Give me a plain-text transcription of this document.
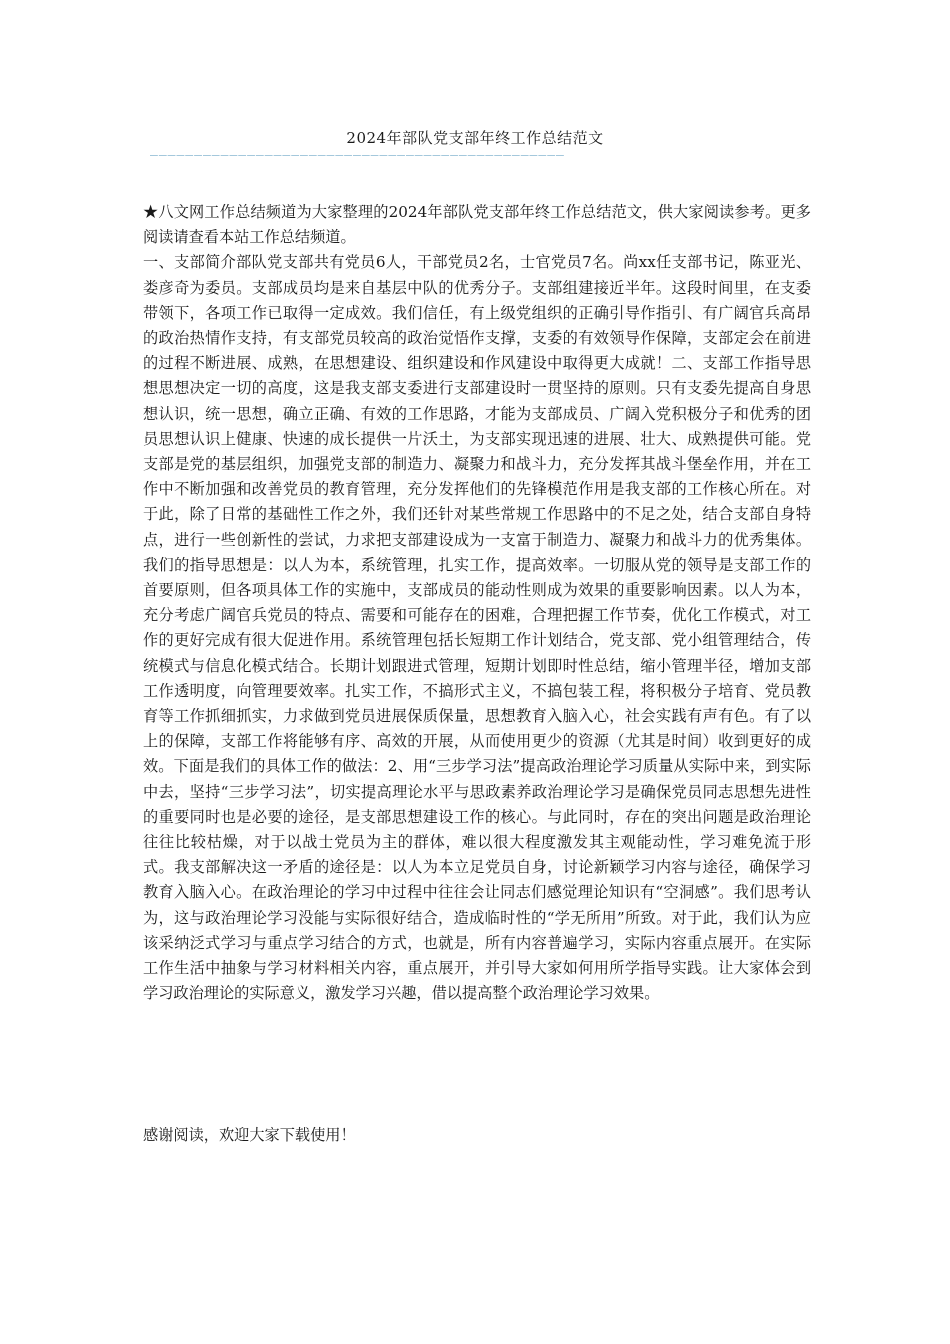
2024年部队党支部年终工作总结范文
———————————————————————————————————————————————

★八文网工作总结频道为大家整理的2024年部队党支部年终工作总结范文，供大家阅读参考。更多阅读请查看本站工作总结频道。

一、支部简介部队党支部共有党员6人，干部党员2名，士官党员7名。尚xx任支部书记，陈亚光、娄彦奇为委员。支部成员均是来自基层中队的优秀分子。支部组建接近半年。这段时间里，在支委带领下，各项工作已取得一定成效。我们信任，有上级党组织的正确引导作指引、有广阔官兵高昂的政治热情作支持，有支部党员较高的政治觉悟作支撑，支委的有效领导作保障，支部定会在前进的过程不断进展、成熟，在思想建设、组织建设和作风建设中取得更大成就！二、支部工作指导思想思想决定一切的高度，这是我支部支委进行支部建设时一贯坚持的原则。只有支委先提高自身思想认识，统一思想，确立正确、有效的工作思路，才能为支部成员、广阔入党积极分子和优秀的团员思想认识上健康、快速的成长提供一片沃土，为支部实现迅速的进展、壮大、成熟提供可能。党支部是党的基层组织，加强党支部的制造力、凝聚力和战斗力，充分发挥其战斗堡垒作用，并在工作中不断加强和改善党员的教育管理，充分发挥他们的先锋模范作用是我支部的工作核心所在。对于此，除了日常的基础性工作之外，我们还针对某些常规工作思路中的不足之处，结合支部自身特点，进行一些创新性的尝试，力求把支部建设成为一支富于制造力、凝聚力和战斗力的优秀集体。我们的指导思想是：以人为本，系统管理，扎实工作，提高效率。一切服从党的领导是支部工作的首要原则，但各项具体工作的实施中，支部成员的能动性则成为效果的重要影响因素。以人为本，充分考虑广阔官兵党员的特点、需要和可能存在的困难，合理把握工作节奏，优化工作模式，对工作的更好完成有很大促进作用。系统管理包括长短期工作计划结合，党支部、党小组管理结合，传统模式与信息化模式结合。长期计划跟进式管理，短期计划即时性总结，缩小管理半径，增加支部工作透明度，向管理要效率。扎实工作，不搞形式主义，不搞包装工程，将积极分子培育、党员教育等工作抓细抓实，力求做到党员进展保质保量，思想教育入脑入心，社会实践有声有色。有了以上的保障，支部工作将能够有序、高效的开展，从而使用更少的资源（尤其是时间）收到更好的成效。下面是我们的具体工作的做法：2、用“三步学习法”提高政治理论学习质量从实际中来，到实际中去，坚持“三步学习法”，切实提高理论水平与思政素养政治理论学习是确保党员同志思想先进性的重要同时也是必要的途径，是支部思想建设工作的核心。与此同时，存在的突出问题是政治理论往往比较枯燥，对于以战士党员为主的群体，难以很大程度激发其主观能动性，学习难免流于形式。我支部解决这一矛盾的途径是：以人为本立足党员自身，讨论新颖学习内容与途径，确保学习教育入脑入心。在政治理论的学习中过程中往往会让同志们感觉理论知识有“空洞感”。我们思考认为，这与政治理论学习没能与实际很好结合，造成临时性的“学无所用”所致。对于此，我们认为应该采纳泛式学习与重点学习结合的方式，也就是，所有内容普遍学习，实际内容重点展开。在实际工作生活中抽象与学习材料相关内容，重点展开，并引导大家如何用所学指导实践。让大家体会到学习政治理论的实际意义，激发学习兴趣，借以提高整个政治理论学习效果。

感谢阅读，欢迎大家下载使用！
